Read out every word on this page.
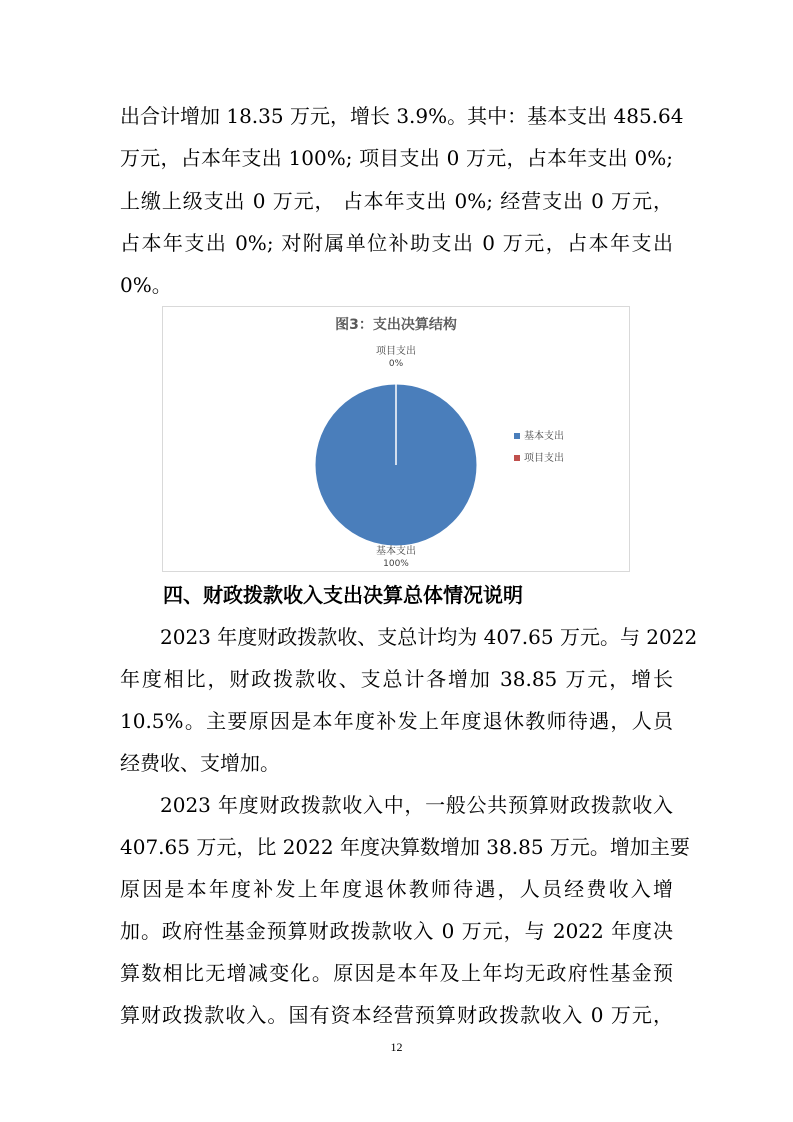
出合计增加 18.35 万元，增长 3.9%。其中：基本支出 485.64
万元，占本年支出 100%; 项目支出 0 万元，占本年支出 0%;
上缴上级支出 0 万元， 占本年支出 0%; 经营支出 0 万元，
占本年支出 0%; 对附属单位补助支出 0 万元，占本年支出
0%。
图3：支出决算结构
基本支出
100%
项目支出
0%
基本支出
项目支出
四、财政拨款收入支出决算总体情况说明
2023 年度财政拨款收、支总计均为 407.65 万元。与 2022
年度相比，财政拨款收、支总计各增加 38.85 万元，增长
10.5%。主要原因是本年度补发上年度退休教师待遇，人员
经费收、支增加。
2023 年度财政拨款收入中，一般公共预算财政拨款收入
407.65 万元，比 2022 年度决算数增加 38.85 万元。增加主要
原因是本年度补发上年度退休教师待遇，人员经费收入增
加。政府性基金预算财政拨款收入 0 万元，与 2022 年度决
算数相比无增减变化。原因是本年及上年均无政府性基金预
算财政拨款收入。国有资本经营预算财政拨款收入 0 万元，
12
